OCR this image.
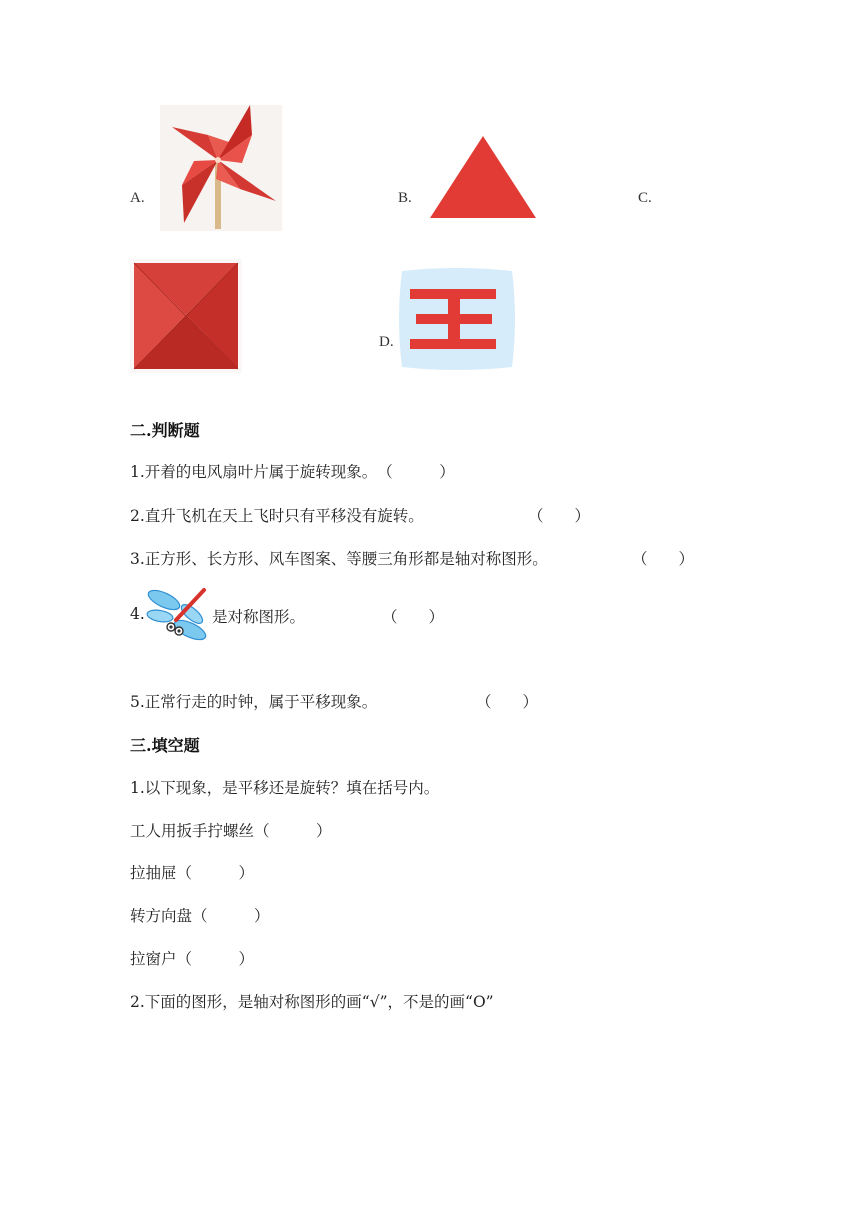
A.	B.	C.
D.
二.判断题
1.开着的电风扇叶片属于旋转现象。（　　　）
2.直升飞机在天上飞时只有平移没有旋转。	（　　）
3.正方形、长方形、风车图案、等腰三角形都是轴对称图形。	（　　）
4.	是对称图形。	（　　）
5.正常行走的时钟，属于平移现象。	（　　）
三.填空题
1.以下现象，是平移还是旋转？填在括号内。
工人用扳手拧螺丝（　　　）
拉抽屉（　　　）
转方向盘（　　　）
拉窗户（　　　）
2.下面的图形，是轴对称图形的画“√”，不是的画“O”
